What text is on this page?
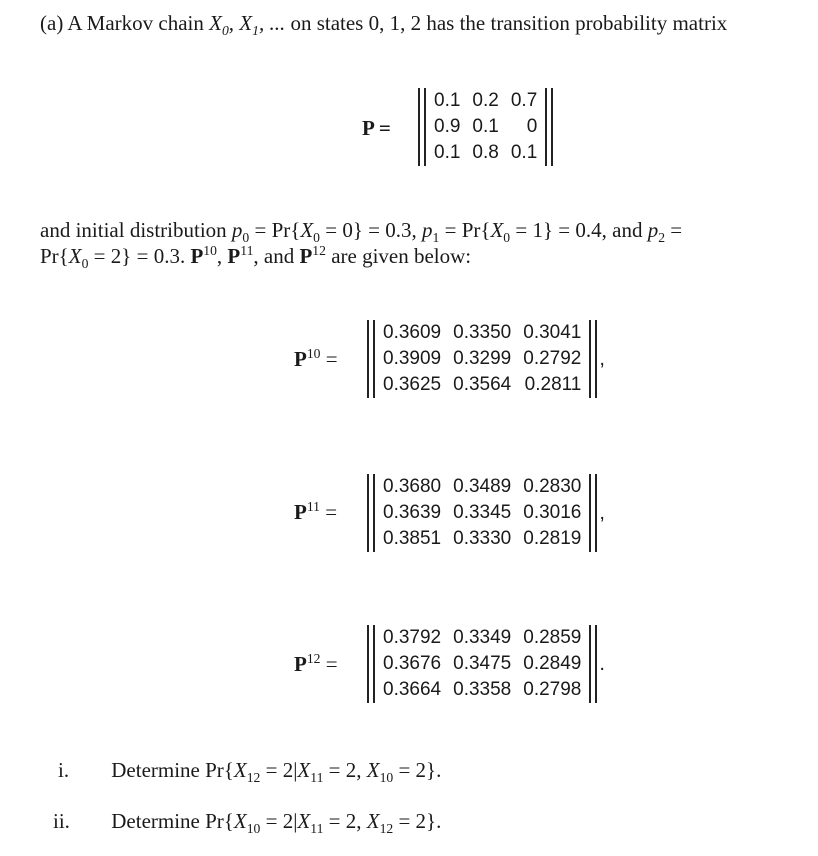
(a) A Markov chain $X_0$, $X_1$, ... on states 0, 1, 2 has the transition probability matrix
P =
0.1 0.2 0.7
0.9 0.1	0
0.1 0.8 0.1
and initial distribution $p_0 = Pr\{X_0 = 0\} = 0.3$, $p_1 = Pr\{X_0 = 1\} = 0.4$, and $p_2$ =
$Pr\{X_0 = 2\} = 0.3$. $P^{10}$, $P^{11}$, and $P^{12}$ are given below:
$P^{10}$ =
0.3609 0.3350 0.3041
0.3909 0.3299 0.2792
0.3625 0.3564 0.2811
,
$P^{11}$ =
0.3680 0.3489 0.2830
0.3639 0.3345 0.3016
0.3851 0.3330 0.2819
,
$P^{12}$ =
0.3792 0.3349 0.2859
0.3676 0.3475 0.2849
0.3664 0.3358 0.2798
.
i. Determine $Pr\{X_{12} = 2|X_{11} = 2$, $X_{10} = 2$}.
ii. Determine $Pr\{X_{10} = 2|X_{11} = 2$, $X_{12} = 2$}.
